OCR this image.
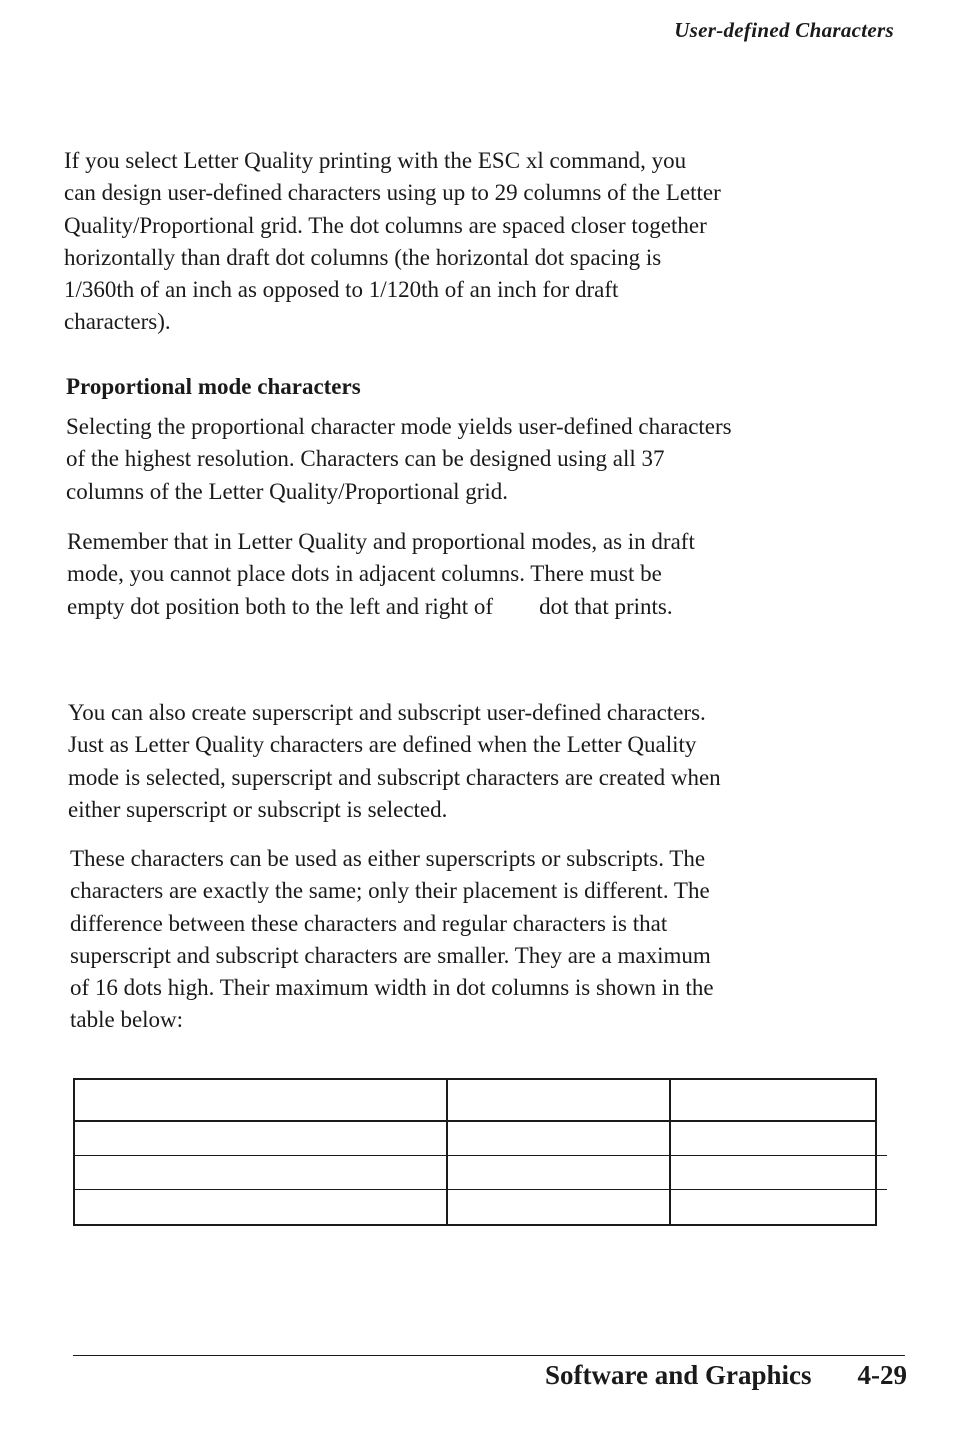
User-defined Characters

If you select Letter Quality printing with the ESC xl command, you
can design user-defined characters using up to 29 columns of the Letter
Quality/Proportional grid. The dot columns are spaced closer together
horizontally than draft dot columns (the horizontal dot spacing is
1/360th of an inch as opposed to 1/120th of an inch for draft
characters).

Proportional mode characters

Selecting the proportional character mode yields user-defined characters
of the highest resolution. Characters can be designed using all 37
columns of the Letter Quality/Proportional grid.

Remember that in Letter Quality and proportional modes, as in draft
mode, you cannot place dots in adjacent columns. There must be
empty dot position both to the left and right of        dot that prints.

You can also create superscript and subscript user-defined characters.
Just as Letter Quality characters are defined when the Letter Quality
mode is selected, superscript and subscript characters are created when
either superscript or subscript is selected.

These characters can be used as either superscripts or subscripts. The
characters are exactly the same; only their placement is different. The
difference between these characters and regular characters is that
superscript and subscript characters are smaller. They are a maximum
of 16 dots high. Their maximum width in dot columns is shown in the
table below:

Software and Graphics 4-29
